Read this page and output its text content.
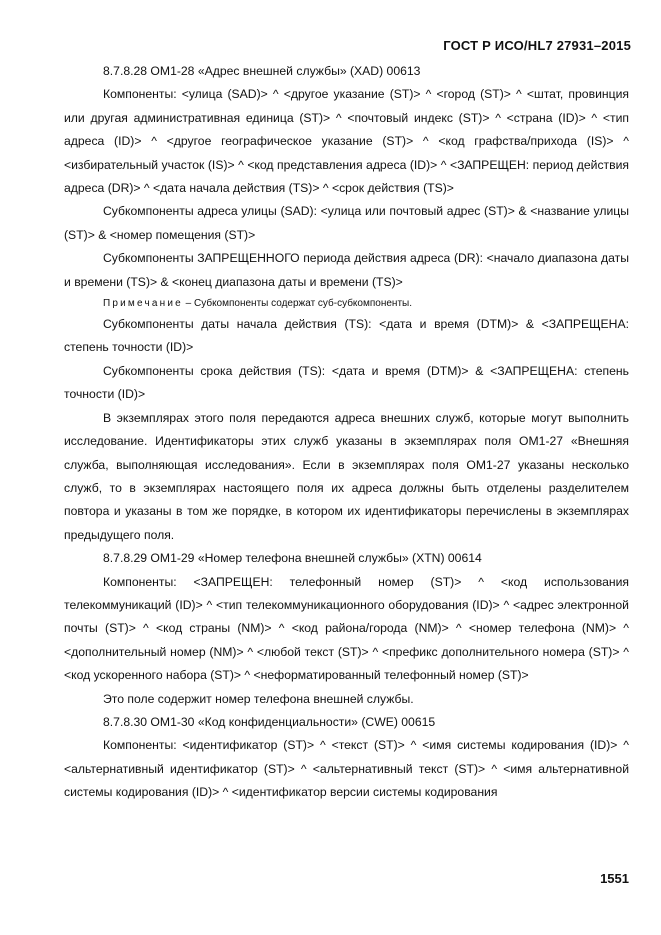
ГОСТ Р ИСО/HL7 27931–2015

8.7.8.28 OM1-28 «Адрес внешней службы» (XAD) 00613

Компоненты: <улица (SAD)> ^ <другое указание (ST)> ^ <город (ST)> ^ <штат, провинция или другая административная единица (ST)> ^ <почтовый индекс (ST)> ^ <страна (ID)> ^ <тип адреса (ID)> ^ <другое географическое указание (ST)> ^ <код графства/прихода (IS)> ^ <избирательный участок (IS)> ^ <код представления адреса (ID)> ^ <ЗАПРЕЩЕН: период действия адреса (DR)> ^ <дата начала действия (TS)> ^ <срок действия (TS)>

Субкомпоненты адреса улицы (SAD): <улица или почтовый адрес (ST)> & <название улицы (ST)> & <номер помещения (ST)>

Субкомпоненты ЗАПРЕЩЕННОГО периода действия адреса (DR): <начало диапазона даты и времени (TS)> & <конец диапазона даты и времени (TS)>

Примечание – Субкомпоненты содержат суб-субкомпоненты.

Субкомпоненты даты начала действия (TS): <дата и время (DTM)> & <ЗАПРЕЩЕНА: степень точности (ID)>

Субкомпоненты срока действия (TS): <дата и время (DTM)> & <ЗАПРЕЩЕНА: степень точности (ID)>

В экземплярах этого поля передаются адреса внешних служб, которые могут выполнить исследование. Идентификаторы этих служб указаны в экземплярах поля OM1-27 «Внешняя служба, выполняющая исследования». Если в экземплярах поля OM1-27 указаны несколько служб, то в экземплярах настоящего поля их адреса должны быть отделены разделителем повтора и указаны в том же порядке, в котором их идентификаторы перечислены в экземплярах предыдущего поля.

8.7.8.29 OM1-29 «Номер телефона внешней службы» (XTN) 00614

Компоненты: <ЗАПРЕЩЕН: телефонный номер (ST)> ^ <код использования телекоммуникаций (ID)> ^ <тип телекоммуникационного оборудования (ID)> ^ <адрес электронной почты (ST)> ^ <код страны (NM)> ^ <код района/города (NM)> ^ <номер телефона (NM)> ^ <дополнительный номер (NM)> ^ <любой текст (ST)> ^ <префикс дополнительного номера (ST)> ^ <код ускоренного набора (ST)> ^ <неформатированный телефонный номер (ST)>

Это поле содержит номер телефона внешней службы.

8.7.8.30 OM1-30 «Код конфиденциальности» (CWE) 00615

Компоненты: <идентификатор (ST)> ^ <текст (ST)> ^ <имя системы кодирования (ID)> ^ <альтернативный идентификатор (ST)> ^ <альтернативный текст (ST)> ^ <имя альтернативной системы кодирования (ID)> ^ <идентификатор версии системы кодирования

1551
